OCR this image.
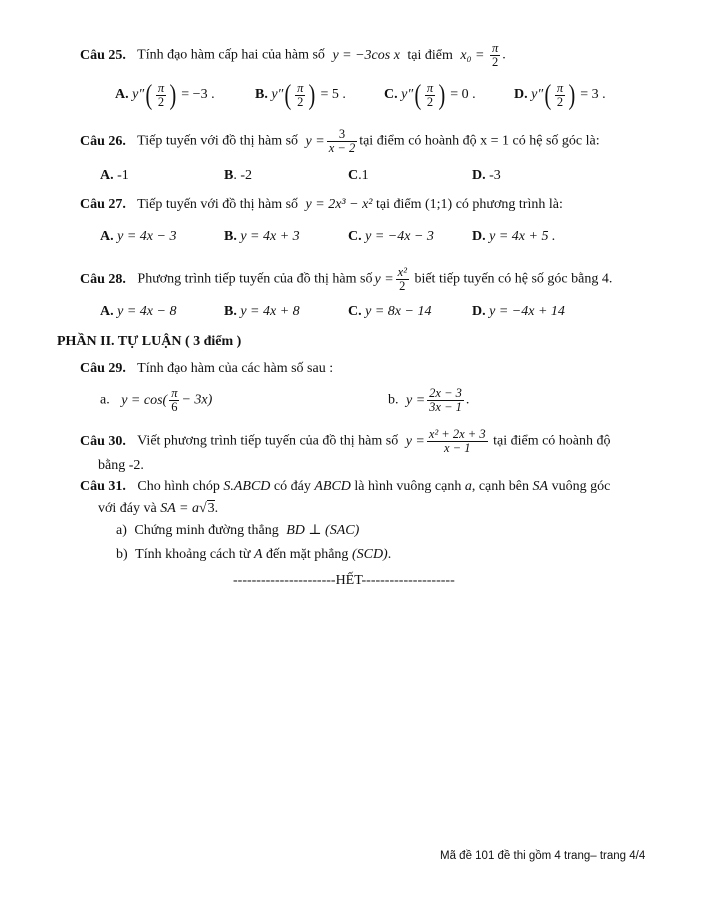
Câu 25. Tính đạo hàm cấp hai của hàm số y = −3cos x tại điểm $x_0 = \frac{\pi}{2}$ .
A. $y''( \frac{\pi}{2}$ ) = −3 .	B. $y''( \frac{\pi}{2}$ ) = 5 .	C. $y''( \frac{\pi}{2}$ ) = 0 .	D. $y''( \frac{\pi}{2}$ ) = 3 .
Câu 26. Tiếp tuyến với đồ thị hàm số $y = \frac{3}{x - 2}$ tại điểm có hoành độ x = 1 có hệ số góc là:
A. -1	B. -2	C.1	D. -3
Câu 27. Tiếp tuyến với đồ thị hàm số y = 2x³ − x² tại điểm (1;1) có phương trình là:
A. y = 4x − 3	B. y = 4x + 3	C. y = −4x − 3	D. y = 4x + 5 .
Câu 28. Phương trình tiếp tuyến của đồ thị hàm số $y = \frac{\text{x²}}{2}$ biết tiếp tuyến có hệ số góc bằng 4.
A. y = 4x − 8	B. y = 4x + 8	C. y = 8x − 14	D. y = −4x + 14
PHẦN II. TỰ LUẬN ( 3 điểm )
Câu 29. Tính đạo hàm của các hàm số sau :
a. $y = \cos( \frac{\pi}{6} - 3x)$	b. $y = \frac{2x - 3}{3x - 1}$ .
Câu 30. Viết phương trình tiếp tuyến của đồ thị hàm số $y = \frac{\text{x² + 2x + 3}}{x - 1}$ tại điểm có hoành độ
bằng -2.
Câu 31. Cho hình chóp S.ABCD có đáy ABCD là hình vuông cạnh a, cạnh bên SA vuông góc
với đáy và SA = a√3.
a) Chứng minh đường thẳng BD ⊥ (SAC)
b) Tính khoảng cách từ A đến mặt phẳng (SCD).
----------------------HẾT--------------------
Mã đề 101 đề thi gồm 4 trang– trang 4/4
